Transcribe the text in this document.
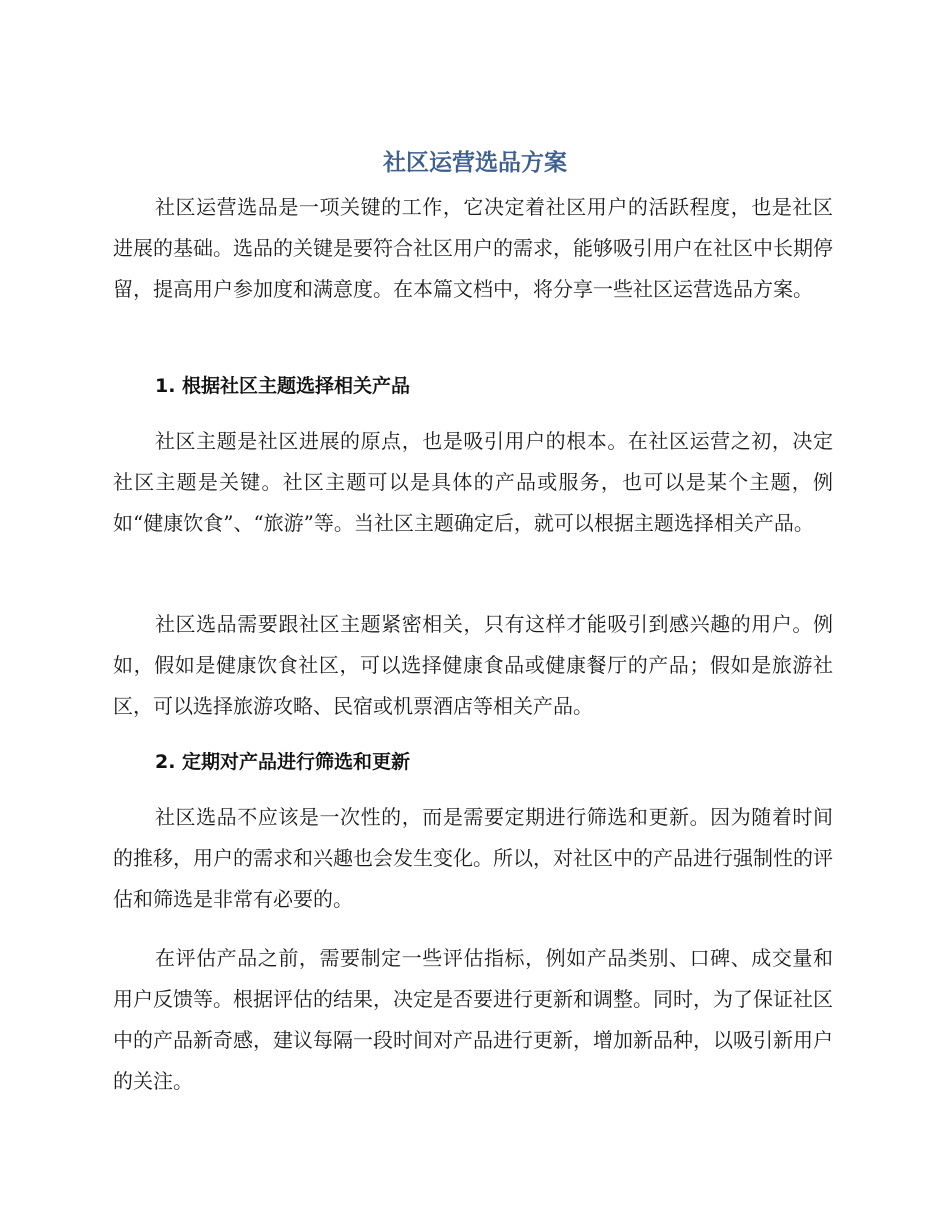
社区运营选品方案

社区运营选品是一项关键的工作，它决定着社区用户的活跃程度，也是社区进展的基础。选品的关键是要符合社区用户的需求，能够吸引用户在社区中长期停留，提高用户参加度和满意度。在本篇文档中，将分享一些社区运营选品方案。

1. 根据社区主题选择相关产品

社区主题是社区进展的原点，也是吸引用户的根本。在社区运营之初，决定社区主题是关键。社区主题可以是具体的产品或服务，也可以是某个主题，例如“健康饮食”、“旅游”等。当社区主题确定后，就可以根据主题选择相关产品。

社区选品需要跟社区主题紧密相关，只有这样才能吸引到感兴趣的用户。例如，假如是健康饮食社区，可以选择健康食品或健康餐厅的产品；假如是旅游社区，可以选择旅游攻略、民宿或机票酒店等相关产品。

2. 定期对产品进行筛选和更新

社区选品不应该是一次性的，而是需要定期进行筛选和更新。因为随着时间的推移，用户的需求和兴趣也会发生变化。所以，对社区中的产品进行强制性的评估和筛选是非常有必要的。

在评估产品之前，需要制定一些评估指标，例如产品类别、口碑、成交量和用户反馈等。根据评估的结果，决定是否要进行更新和调整。同时，为了保证社区中的产品新奇感，建议每隔一段时间对产品进行更新，增加新品种，以吸引新用户的关注。
